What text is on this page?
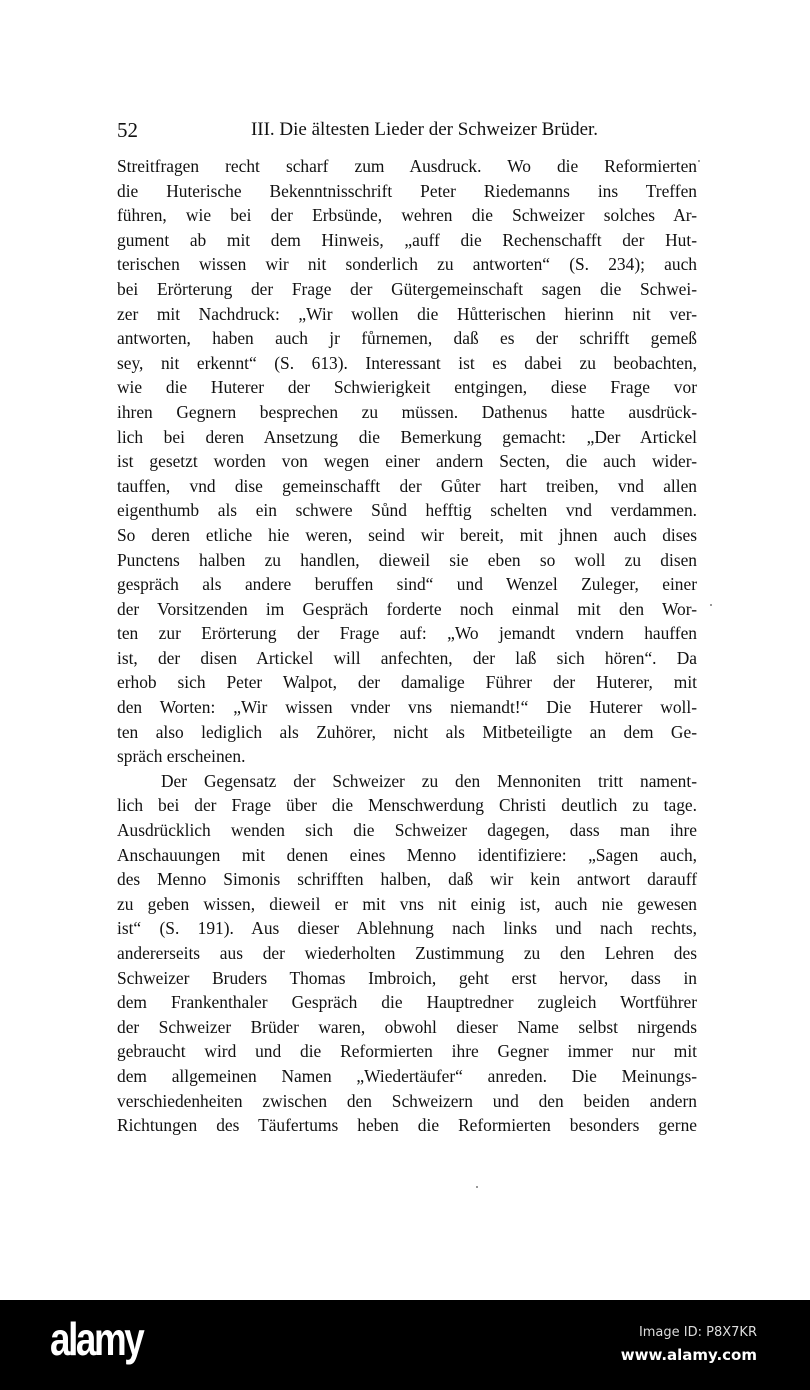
52	III. Die ältesten Lieder der Schweizer Brüder.
Streitfragen recht scharf zum Ausdruck. Wo die Reformierten
die Huterische Bekenntnisschrift Peter Riedemanns ins Treffen
führen, wie bei der Erbsünde, wehren die Schweizer solches Ar-
gument ab mit dem Hinweis, „auff die Rechenschafft der Hut-
terischen wissen wir nit sonderlich zu antworten“ (S. 234); auch
bei Erörterung der Frage der Gütergemeinschaft sagen die Schwei-
zer mit Nachdruck: „Wir wollen die Hůtterischen hierinn nit ver-
antworten, haben auch jr fůrnemen, daß es der schrifft gemeß
sey, nit erkennt“ (S. 613). Interessant ist es dabei zu beobachten,
wie die Huterer der Schwierigkeit entgingen, diese Frage vor
ihren Gegnern besprechen zu müssen. Dathenus hatte ausdrück-
lich bei deren Ansetzung die Bemerkung gemacht: „Der Artickel
ist gesetzt worden von wegen einer andern Secten, die auch wider-
tauffen, vnd dise gemeinschafft der Gůter hart treiben, vnd allen
eigenthumb als ein schwere Sůnd hefftig schelten vnd verdammen.
So deren etliche hie weren, seind wir bereit, mit jhnen auch dises
Punctens halben zu handlen, dieweil sie eben so woll zu disen
gespräch als andere beruffen sind“ und Wenzel Zuleger, einer
der Vorsitzenden im Gespräch forderte noch einmal mit den Wor-
ten zur Erörterung der Frage auf: „Wo jemandt vndern hauffen
ist, der disen Artickel will anfechten, der laß sich hören“. Da
erhob sich Peter Walpot, der damalige Führer der Huterer, mit
den Worten: „Wir wissen vnder vns niemandt!“ Die Huterer woll-
ten also lediglich als Zuhörer, nicht als Mitbeteiligte an dem Ge-
spräch erscheinen.
Der Gegensatz der Schweizer zu den Mennoniten tritt nament-
lich bei der Frage über die Menschwerdung Christi deutlich zu tage.
Ausdrücklich wenden sich die Schweizer dagegen, dass man ihre
Anschauungen mit denen eines Menno identifiziere: „Sagen auch,
des Menno Simonis schrifften halben, daß wir kein antwort darauff
zu geben wissen, dieweil er mit vns nit einig ist, auch nie gewesen
ist“ (S. 191). Aus dieser Ablehnung nach links und nach rechts,
andererseits aus der wiederholten Zustimmung zu den Lehren des
Schweizer Bruders Thomas Imbroich, geht erst hervor, dass in
dem Frankenthaler Gespräch die Hauptredner zugleich Wortführer
der Schweizer Brüder waren, obwohl dieser Name selbst nirgends
gebraucht wird und die Reformierten ihre Gegner immer nur mit
dem allgemeinen Namen „Wiedertäufer“ anreden. Die Meinungs-
verschiedenheiten zwischen den Schweizern und den beiden andern
Richtungen des Täufertums heben die Reformierten besonders gerne
alamy	Image ID: P8X7KR
www.alamy.com
